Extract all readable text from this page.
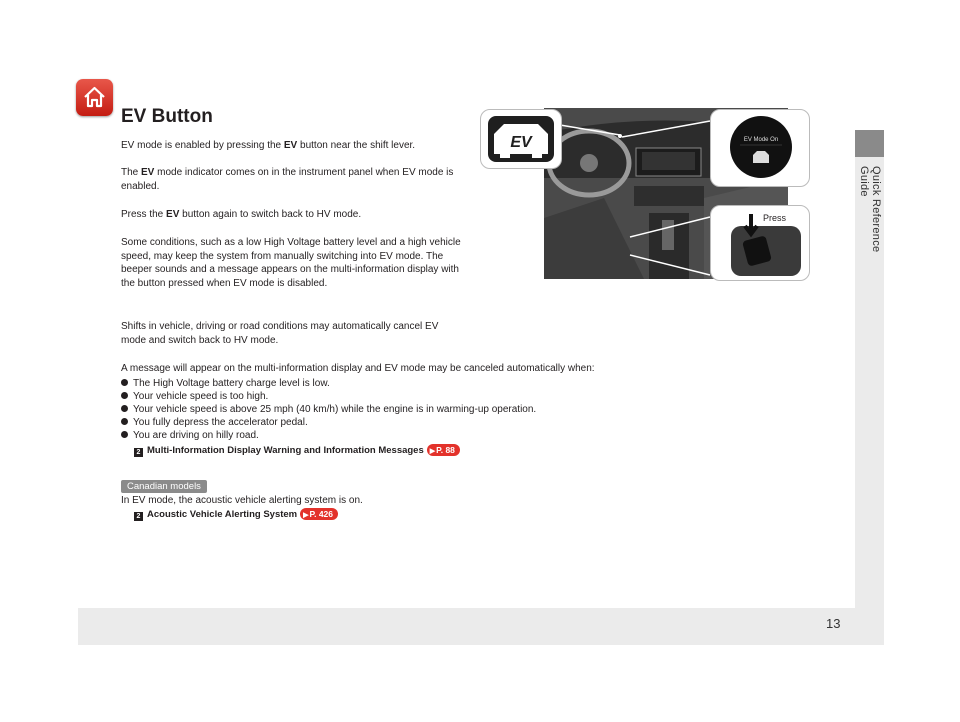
Quick Reference Guide
13
EV Button
EV mode is enabled by pressing the EV button near the shift lever.
The EV mode indicator comes on in the instrument panel when EV mode is enabled.
Press the EV button again to switch back to HV mode.
Some conditions, such as a low High Voltage battery level and a high vehicle speed, may keep the system from manually switching into EV mode. The beeper sounds and a message appears on the multi-information display with the button pressed when EV mode is disabled.
Shifts in vehicle, driving or road conditions may automatically cancel EV mode and switch back to HV mode.
A message will appear on the multi-information display and EV mode may be canceled automatically when:
The High Voltage battery charge level is low.
Your vehicle speed is too high.
Your vehicle speed is above 25 mph (40 km/h) while the engine is in warming-up operation.
You fully depress the accelerator pedal.
You are driving on hilly road.
2 Multi-Information Display Warning and Information Messages ▶P. 88
Canadian models
In EV mode, the acoustic vehicle alerting system is on.
2 Acoustic Vehicle Alerting System ▶P. 426
EV	EV Mode On
Press
